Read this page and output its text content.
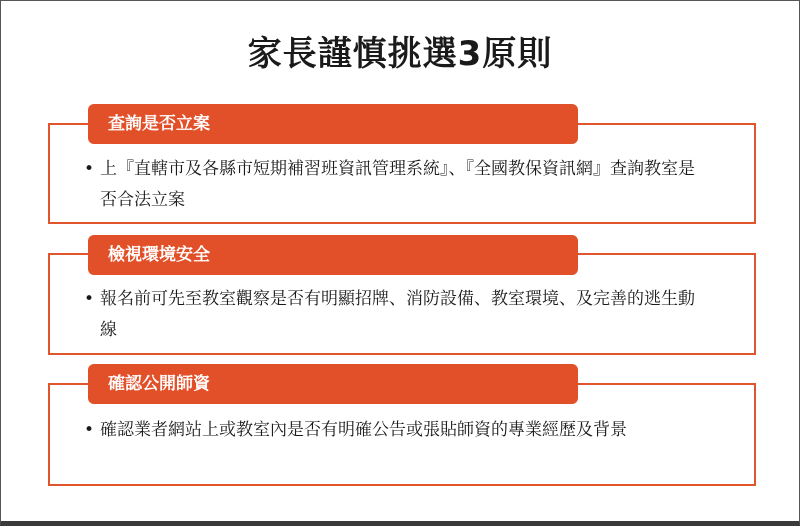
家長謹慎挑選3原則
查詢是否立案
• 上『直轄市及各縣市短期補習班資訊管理系統』、『全國教保資訊網』查詢教室是否合法立案
檢視環境安全
• 報名前可先至教室觀察是否有明顯招牌、消防設備、教室環境、及完善的逃生動線
確認公開師資
• 確認業者網站上或教室內是否有明確公告或張貼師資的專業經歷及背景
